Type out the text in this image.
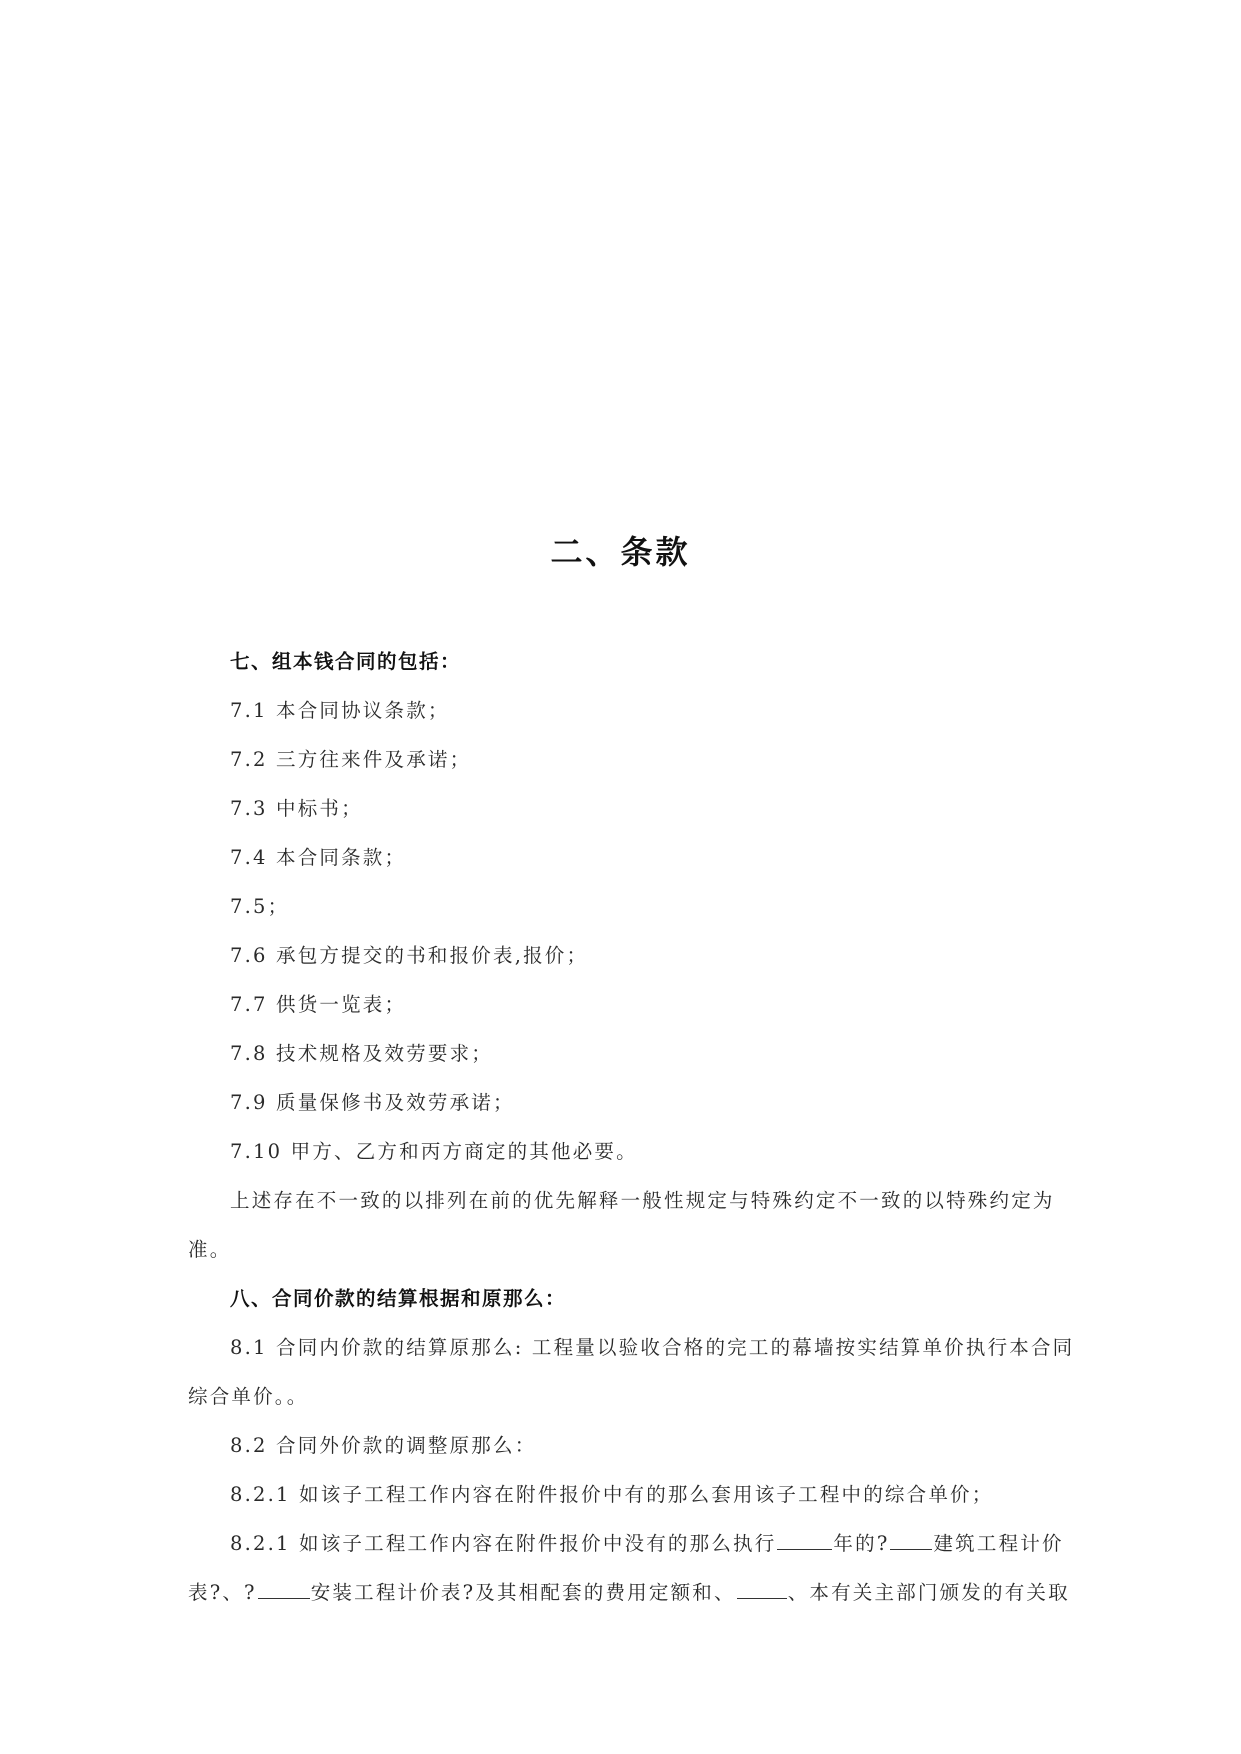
二、条款

七、组本钱合同的包括：

7.1 本合同协议条款；

7.2 三方往来件及承诺；

7.3 中标书；

7.4 本合同条款；

7.5；

7.6 承包方提交的书和报价表,报价；

7.7 供货一览表；

7.8 技术规格及效劳要求；

7.9 质量保修书及效劳承诺；

7.10 甲方、乙方和丙方商定的其他必要。

上述存在不一致的以排列在前的优先解释一般性规定与特殊约定不一致的以特殊约定为

准。

八、合同价款的结算根据和原那么：

8.1 合同内价款的结算原那么: 工程量以验收合格的完工的幕墙按实结算单价执行本合同

综合单价。。

8.2 合同外价款的调整原那么：

8.2.1 如该子工程工作内容在附件报价中有的那么套用该子工程中的综合单价；

8.2.1 如该子工程工作内容在附件报价中没有的那么执行	年的? 建筑工程计价

表?、?	安装工程计价表?及其相配套的费用定额和、	、本有关主部门颁发的有关取
